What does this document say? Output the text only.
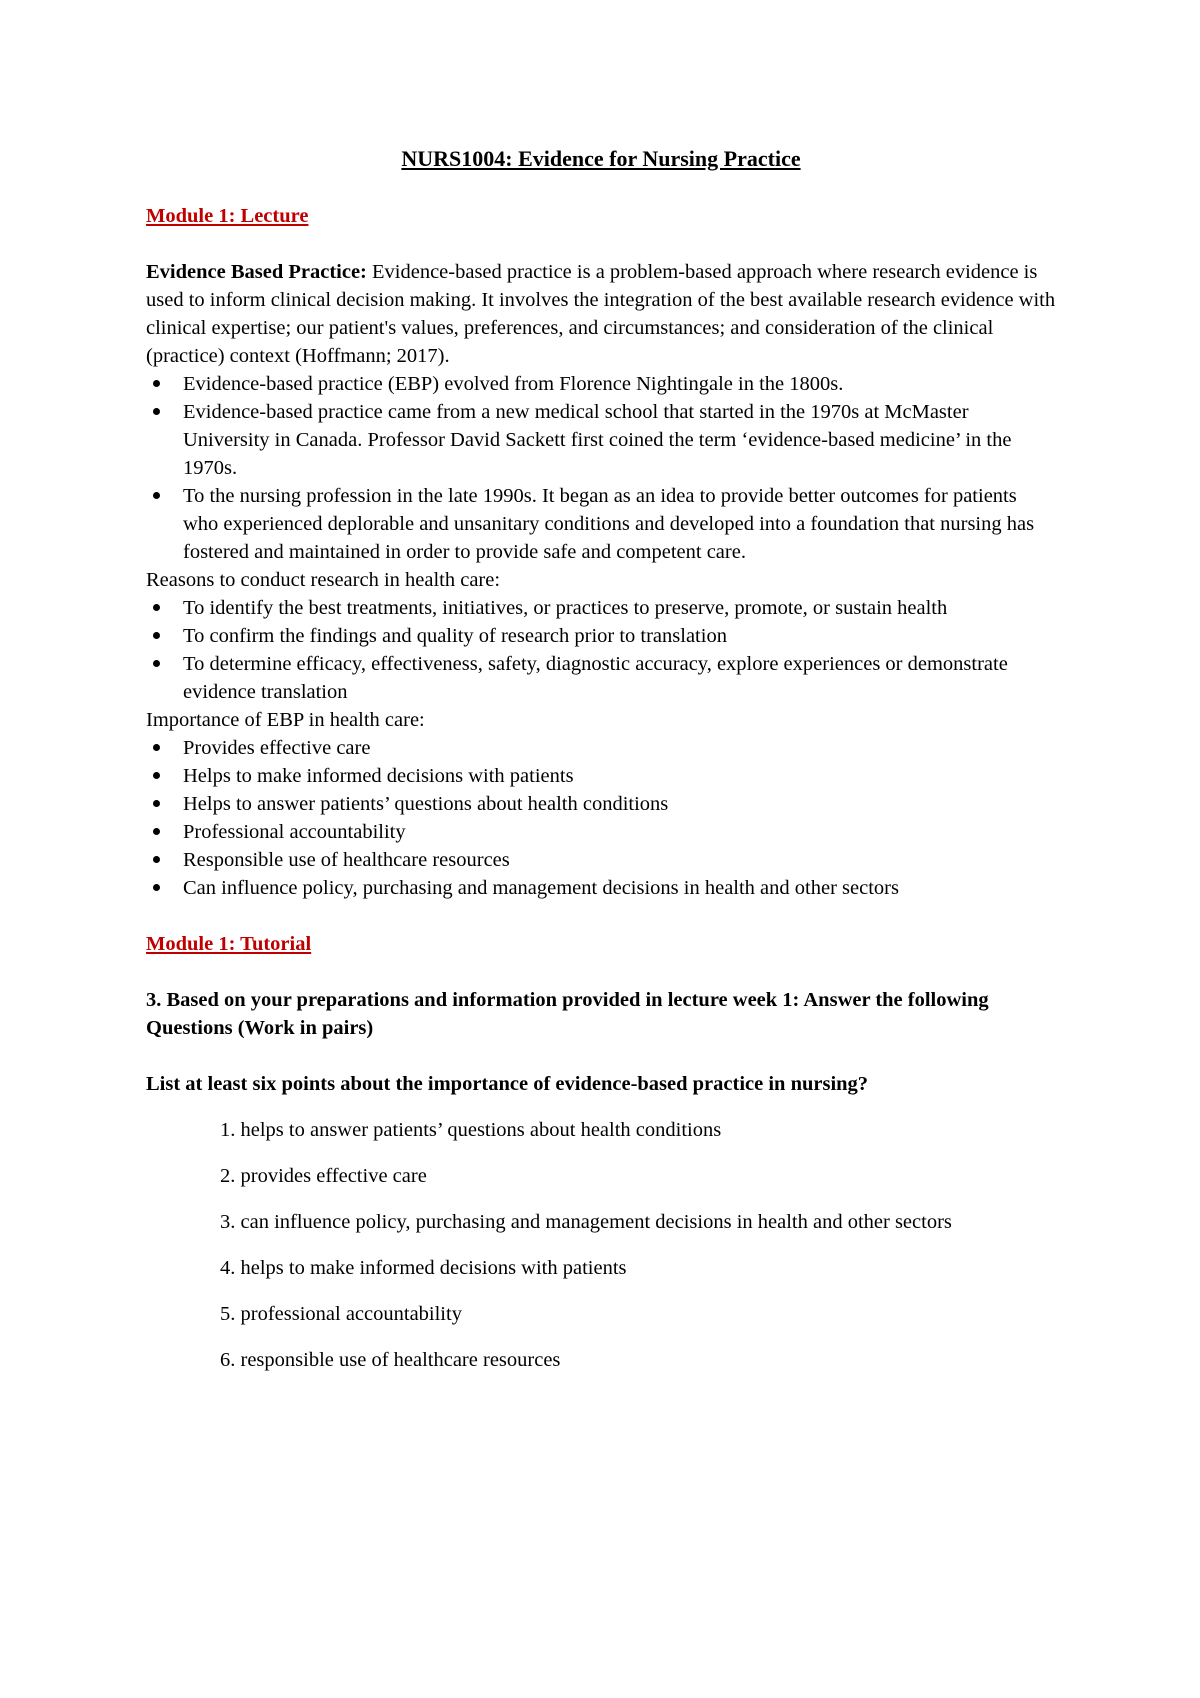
NURS1004: Evidence for Nursing Practice
Module 1: Lecture

Evidence Based Practice: Evidence-based practice is a problem-based approach where research evidence is used to inform clinical decision making. It involves the integration of the best available research evidence with clinical expertise; our patient's values, preferences, and circumstances; and consideration of the clinical (practice) context (Hoffmann; 2017).

Evidence-based practice (EBP) evolved from Florence Nightingale in the 1800s.
Evidence-based practice came from a new medical school that started in the 1970s at McMaster University in Canada. Professor David Sackett first coined the term ‘evidence-based medicine’ in the 1970s.
To the nursing profession in the late 1990s. It began as an idea to provide better outcomes for patients who experienced deplorable and unsanitary conditions and developed into a foundation that nursing has fostered and maintained in order to provide safe and competent care.

Reasons to conduct research in health care:

To identify the best treatments, initiatives, or practices to preserve, promote, or sustain health
To confirm the findings and quality of research prior to translation
To determine efficacy, effectiveness, safety, diagnostic accuracy, explore experiences or demonstrate evidence translation

Importance of EBP in health care:

Provides effective care
Helps to make informed decisions with patients
Helps to answer patients’ questions about health conditions
Professional accountability
Responsible use of healthcare resources
Can influence policy, purchasing and management decisions in health and other sectors
Module 1: Tutorial

3. Based on your preparations and information provided in lecture week 1: Answer the following Questions (Work in pairs)

List at least six points about the importance of evidence-based practice in nursing?

1. helps to answer patients’ questions about health conditions
2. provides effective care
3. can influence policy, purchasing and management decisions in health and other sectors
4. helps to make informed decisions with patients
5. professional accountability
6. responsible use of healthcare resources
